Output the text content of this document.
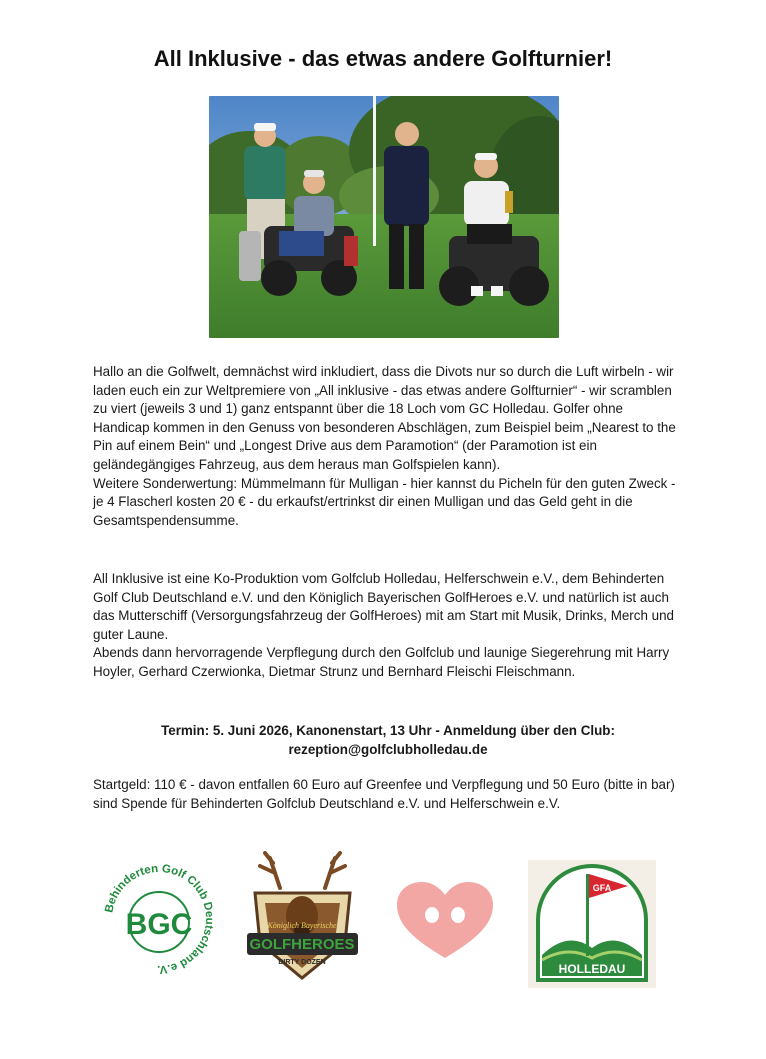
All Inklusive - das etwas andere Golfturnier!
Hallo an die Golfwelt, demnächst wird inkludiert, dass die Divots nur so durch die Luft wirbeln - wir laden euch ein zur Weltpremiere von „All inklusive - das etwas andere Golfturnier“ - wir scramblen zu viert (jeweils 3 und 1) ganz entspannt über die 18 Loch vom GC Holledau. Golfer ohne Handicap kommen in den Genuss von besonderen Abschlägen, zum Beispiel beim „Nearest to the Pin auf einem Bein“ und „Longest Drive aus dem Paramotion“ (der Paramotion ist ein geländegängiges Fahrzeug, aus dem heraus man Golfspielen kann).
Weitere Sonderwertung: Mümmelmann für Mulligan - hier kannst du Picheln für den guten Zweck - je 4 Flascherl kosten 20 € - du erkaufst/ertrinkst dir einen Mulligan und das Geld geht in die Gesamtspendensumme.
All Inklusive ist eine Ko-Produktion vom Golfclub Holledau, Helferschwein e.V., dem Behinderten Golf Club Deutschland e.V. und den Königlich Bayerischen GolfHeroes e.V. und natürlich ist auch das Mutterschiff (Versorgungsfahrzeug der GolfHeroes) mit am Start mit Musik, Drinks, Merch und guter Laune.
Abends dann hervorragende Verpflegung durch den Golfclub und launige Siegerehrung mit Harry Hoyler, Gerhard Czerwionka, Dietmar Strunz und Bernhard Fleischi Fleischmann.
Termin: 5. Juni 2026, Kanonenstart, 13 Uhr - Anmeldung über den Club:
rezeption@golfclubholledau.de
Startgeld: 110 € - davon entfallen 60 Euro auf Greenfee und Verpflegung und 50 Euro (bitte in bar) sind Spende für Behinderten Golfclub Deutschland e.V. und Helferschwein e.V.
Behinderten Golf Club Deutschland e.V.
BGC	Königlich Bayerische
GOLFHEROES
DIRTY DOZEN
GFA
HOLLEDAU
